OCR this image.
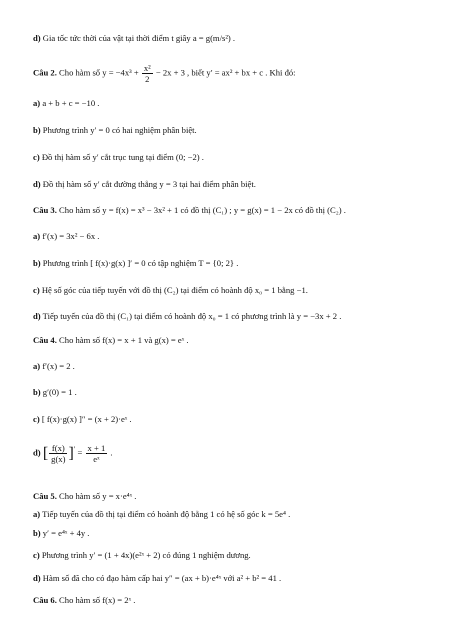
d) Gia tốc tức thời của vật tại thời điểm t giây a = g(m/s²) .
Câu 2. Cho hàm số $y = -4x^3 + \frac{\text{x²}}{2} - 2x + 3$ , biết y′ = ax² + bx + c . Khi đó:
a) a + b + c = −10 .
b) Phương trình y′ = 0 có hai nghiệm phân biệt.
c) Đồ thị hàm số y′ cắt trục tung tại điểm (0; −2) .
d) Đồ thị hàm số y′ cắt đường thẳng y = 3 tại hai điểm phân biệt.
Câu 3. Cho hàm số y = f(x) = x³ − 3x² + 1 có đồ thị (C₁) ; y = g(x) = 1 − 2x có đồ thị (C₂) .
a) f′(x) = 3x² − 6x .
b) Phương trình [ f(x)·g(x) ]′ = 0 có tập nghiệm T = {0; 2} .
c) Hệ số góc của tiếp tuyến với đồ thị (C₂) tại điểm có hoành độ x₀ = 1 bằng −1.
d) Tiếp tuyến của đồ thị (C₁) tại điểm có hoành độ x₀ = 1 có phương trình là y = −3x + 2 .
Câu 4. Cho hàm số f(x) = x + 1 và g(x) = eˣ .
a) f′(x) = 2 .
b) g′(0) = 1 .
c) [ f(x)·g(x) ]″ = (x + 2)·eˣ .
d) [ $\frac{f(x)}{g(x)} ]' = \frac{x + 1}{\text{eˣ}}$ .
Câu 5. Cho hàm số y = x·e⁴ˣ .
a) Tiếp tuyến của đồ thị tại điểm có hoành độ bằng 1 có hệ số góc k = 5e⁴ .
b) y′ = e⁴ˣ + 4y .
c) Phương trình y′ = (1 + 4x)(e²ˣ + 2) có đúng 1 nghiệm dương.
d) Hàm số đã cho có đạo hàm cấp hai y″ = (ax + b)·e⁴ˣ với a² + b² = 41 .
Câu 6. Cho hàm số f(x) = 2ˣ .
